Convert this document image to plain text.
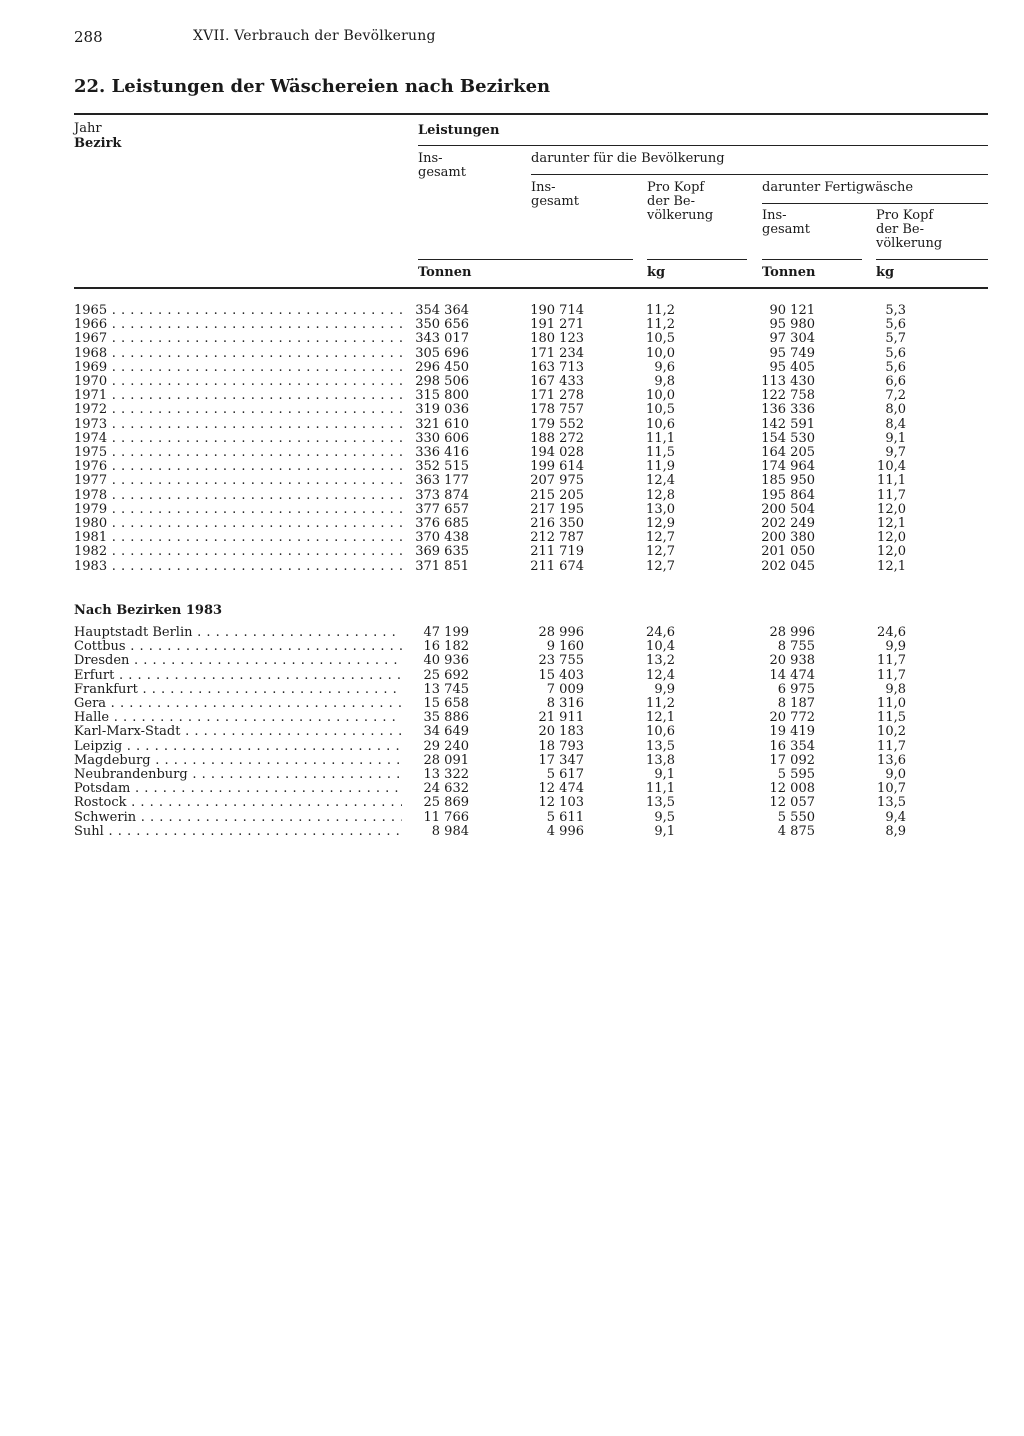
288	XVII. Verbrauch der Bevölkerung
22. Leistungen der Wäschereien nach Bezirken
Jahr
Bezirk
Leistungen
Ins-
gesamt
darunter für die Bevölkerung
Ins-
gesamt
Pro Kopf
der Be-
völkerung
darunter Fertigwäsche
Ins-
gesamt
Pro Kopf
der Be-
völkerung
Tonnen	kg	Tonnen	kg
1965 . . .	354 364	190 714	11,2	90 121	5,3
1966 . . .	350 656	191 271	11,2	95 980	5,6
1967 . . .	343 017	180 123	10,5	97 304	5,7
1968 . . .	305 696	171 234	10,0	95 749	5,6
1969 . . .	296 450	163 713	9,6	95 405	5,6
1970 . . .	298 506	167 433	9,8	113 430	6,6
1971 . . .	315 800	171 278	10,0	122 758	7,2
1972 . . .	319 036	178 757	10,5	136 336	8,0
1973 . . .	321 610	179 552	10,6	142 591	8,4
1974 . . .	330 606	188 272	11,1	154 530	9,1
1975 . . .	336 416	194 028	11,5	164 205	9,7
1976 . . .	352 515	199 614	11,9	174 964	10,4
1977 . . .	363 177	207 975	12,4	185 950	11,1
1978 . . .	373 874	215 205	12,8	195 864	11,7
1979 . . .	377 657	217 195	13,0	200 504	12,0
1980 . . .	376 685	216 350	12,9	202 249	12,1
1981 . . .	370 438	212 787	12,7	200 380	12,0
1982 . . .	369 635	211 719	12,7	201 050	12,0
1983 . . .	371 851	211 674	12,7	202 045	12,1
Nach Bezirken 1983
Hauptstadt Berlin . . .	47 199	28 996	24,6	28 996	24,6
Cottbus . . .	16 182	9 160	10,4	8 755	9,9
Dresden . . .	40 936	23 755	13,2	20 938	11,7
Erfurt . . .	25 692	15 403	12,4	14 474	11,7
Frankfurt . . .	13 745	7 009	9,9	6 975	9,8
Gera . . .	15 658	8 316	11,2	8 187	11,0
Halle . . .	35 886	21 911	12,1	20 772	11,5
Karl-Marx-Stadt . . .	34 649	20 183	10,6	19 419	10,2
Leipzig . . .	29 240	18 793	13,5	16 354	11,7
Magdeburg . . .	28 091	17 347	13,8	17 092	13,6
Neubrandenburg . . .	13 322	5 617	9,1	5 595	9,0
Potsdam . . .	24 632	12 474	11,1	12 008	10,7
Rostock . . .	25 869	12 103	13,5	12 057	13,5
Schwerin . . .	11 766	5 611	9,5	5 550	9,4
Suhl . . .	8 984	4 996	9,1	4 875	8,9
